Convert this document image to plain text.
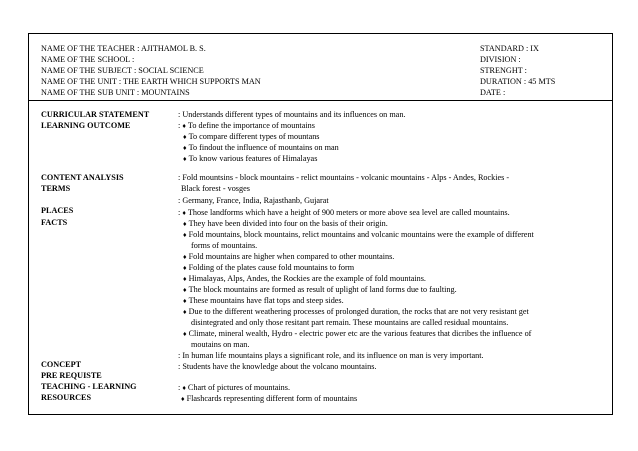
NAME OF THE TEACHER : AJITHAMOL B. S.
NAME OF THE SCHOOL :
NAME OF THE SUBJECT : SOCIAL SCIENCE
NAME OF THE UNIT : THE EARTH WHICH SUPPORTS MAN
NAME OF THE SUB UNIT : MOUNTAINS
STANDARD : IX
DIVISION :
STRENGHT :
DURATION : 45 MTS
DATE :
CURRICULAR STATEMENT
LEARNING OUTCOME
CONTENT ANALYSIS
TERMS
PLACES
FACTS
CONCEPT
PRE REQUISTE
TEACHING - LEARNING
RESOURCES
: Understands different types of mountains and its influences on man.
: ♦ To define the importance of mountains
♦ To compare different types of mountans
♦ To findout the influence of mountains on man
♦ To know various features of Himalayas
: Fold mountsins - block mountains - relict mountains - volcanic mountains - Alps - Andes, Rockies -
Black forest - vosges
: Germany, France, India, Rajasthanb, Gujarat
: ♦ Those landforms which have a height of 900 meters or more above sea level are called mountains.
♦ They have been divided into four on the basis of their origin.
♦ Fold mountains, block mountains, relict mountains and volcanic mountains were the example of different
forms of mountains.
♦ Fold mountains are higher when compared to other mountains.
♦ Folding of the plates cause fold mountains to form
♦ Himalayas, Alps, Andes, the Rockies are the example of fold mountains.
♦ The block mountains are formed as result of uplight of land forms due to faulting.
♦ These mountains have flat tops and steep sides.
♦ Due to the different weathering processes of prolonged duration, the rocks that are not very resistant get
disintegrated and only those resitant part remain. These mountains are called residual mountains.
♦ Climate, mineral wealth, Hydro - electric power etc are the various features that dicribes the influence of
moutains on man.
: In human life mountains plays a significant role, and its influence on man is very important.
: Students have the knowledge about the volcano mountains.
: ♦ Chart of pictures of mountains.
♦ Flashcards representing different form of mountains
